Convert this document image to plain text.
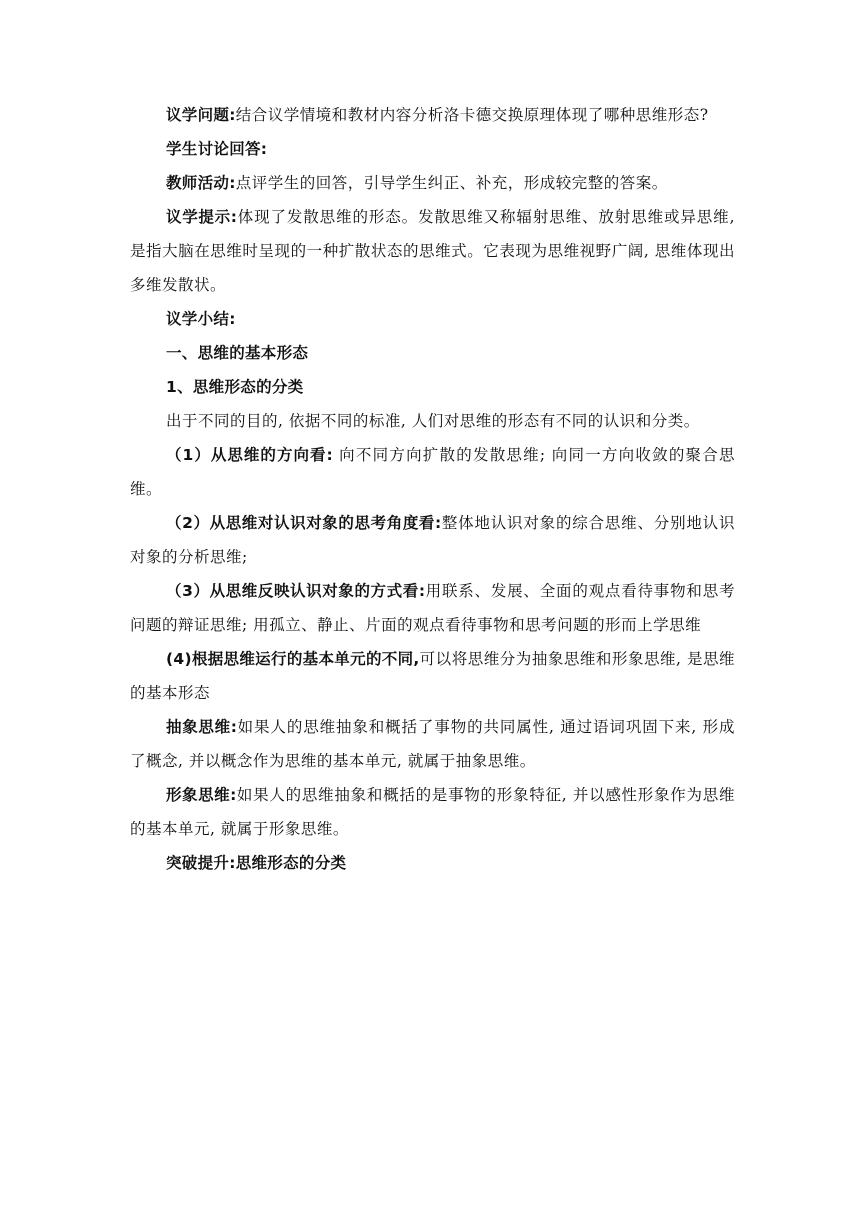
议学问题:结合议学情境和教材内容分析洛卡德交换原理体现了哪种思维形态?

学生讨论回答:

教师活动:点评学生的回答，引导学生纠正、补充，形成较完整的答案。

议学提示:体现了发散思维的形态。发散思维又称辐射思维、放射思维或异思维, 是指大脑在思维时呈现的一种扩散状态的思维式。它表现为思维视野广阔, 思维体现出多维发散状。

议学小结:

一、思维的基本形态

1、思维形态的分类

出于不同的目的, 依据不同的标准, 人们对思维的形态有不同的认识和分类。

（1）从思维的方向看: 向不同方向扩散的发散思维; 向同一方向收敛的聚合思维。

（2）从思维对认识对象的思考角度看:整体地认识对象的综合思维、分别地认识对象的分析思维;

（3）从思维反映认识对象的方式看:用联系、发展、全面的观点看待事物和思考问题的辩证思维; 用孤立、静止、片面的观点看待事物和思考问题的形而上学思维

(4)根据思维运行的基本单元的不同,可以将思维分为抽象思维和形象思维, 是思维的基本形态

抽象思维:如果人的思维抽象和概括了事物的共同属性, 通过语词巩固下来, 形成了概念, 并以概念作为思维的基本单元, 就属于抽象思维。

形象思维:如果人的思维抽象和概括的是事物的形象特征, 并以感性形象作为思维的基本单元, 就属于形象思维。

突破提升:思维形态的分类
